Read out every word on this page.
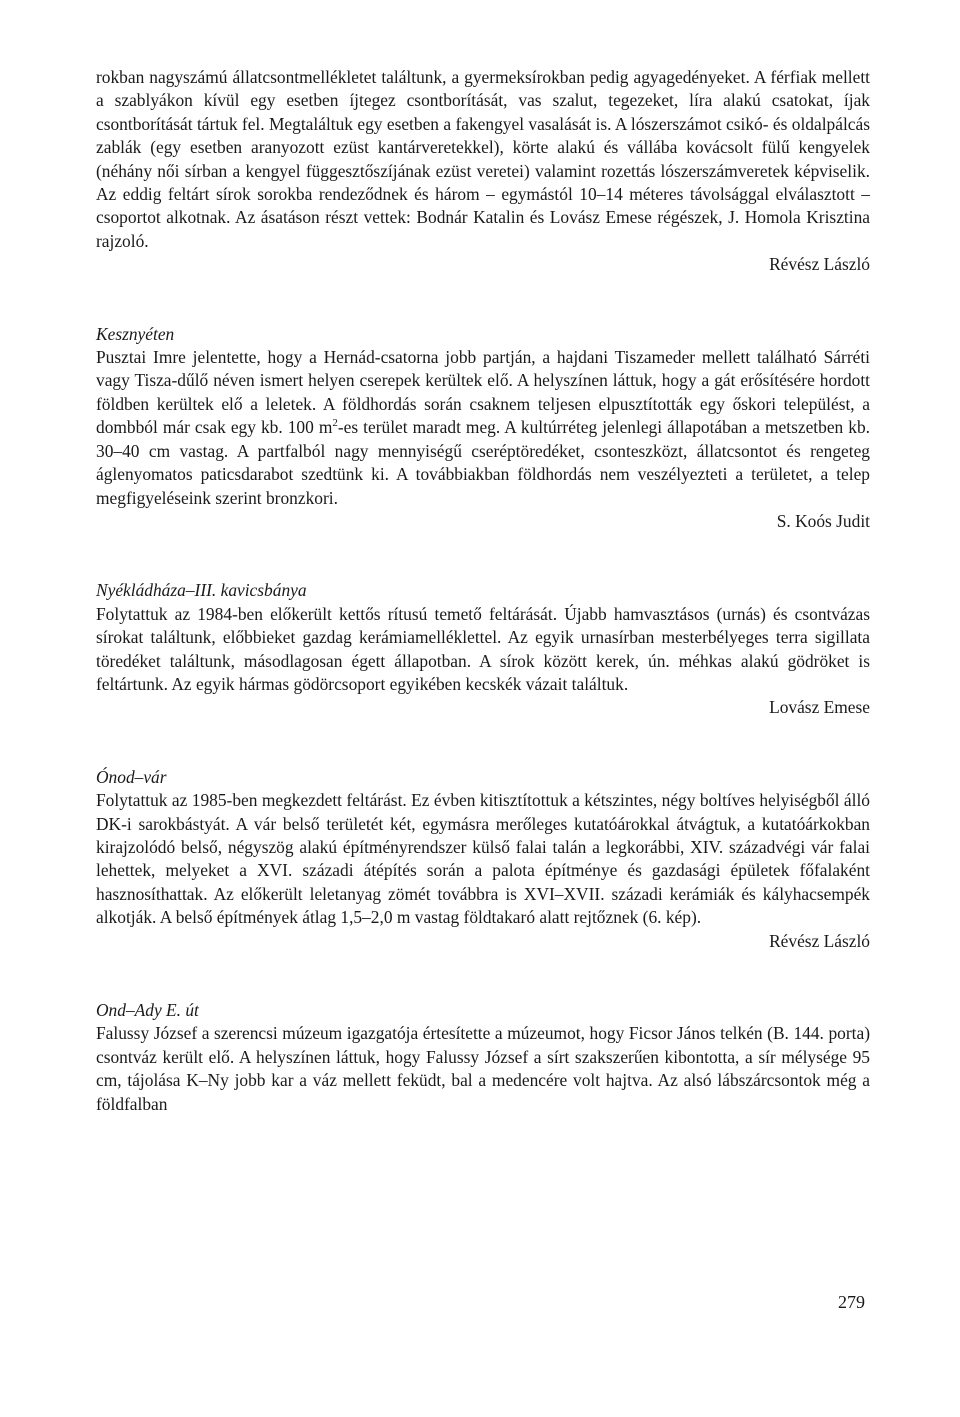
rokban nagyszámú állatcsontmellékletet találtunk, a gyermeksírokban pedig agyagedényeket. A férfiak mellett a szablyákon kívül egy esetben íjtegez csontborítását, vas szalut, tegezeket, líra alakú csatokat, íjak csontborítását tártuk fel. Megtaláltuk egy esetben a fakengyel vasalását is. A lószerszámot csikó- és oldalpálcás zablák (egy esetben aranyozott ezüst kantárveretekkel), körte alakú és vállába kovácsolt fülű kengyelek (néhány női sírban a kengyel függesztőszíjának ezüst veretei) valamint rozettás lószerszámveretek képviselik. Az eddig feltárt sírok sorokba rendeződnek és három – egymástól 10–14 méteres távolsággal elválasztott – csoportot alkotnak. Az ásatáson részt vettek: Bodnár Katalin és Lovász Emese régészek, J. Homola Krisztina rajzoló.

Révész László

Kesznyéten

Pusztai Imre jelentette, hogy a Hernád-csatorna jobb partján, a hajdani Tiszameder mellett található Sárréti vagy Tisza-dűlő néven ismert helyen cserepek kerültek elő. A helyszínen láttuk, hogy a gát erősítésére hordott földben kerültek elő a leletek. A földhordás során csaknem teljesen elpusztították egy őskori települést, a dombból már csak egy kb. 100 $m^2-es$ terület maradt meg. A kultúrréteg jelenlegi állapotában a metszetben kb. 30–40 cm vastag. A partfalból nagy mennyiségű cseréptöredéket, csonteszközt, állatcsontot és rengeteg áglenyomatos paticsdarabot szedtünk ki. A továbbiakban földhordás nem veszélyezteti a területet, a telep megfigyeléseink szerint bronzkori.

S. Koós Judit

Nyékládháza–III. kavicsbánya

Folytattuk az 1984-ben előkerült kettős rítusú temető feltárását. Újabb hamvasztásos (urnás) és csontvázas sírokat találtunk, előbbieket gazdag kerámiamelléklettel. Az egyik urnasírban mesterbélyeges terra sigillata töredéket találtunk, másodlagosan égett állapotban. A sírok között kerek, ún. méhkas alakú gödröket is feltártunk. Az egyik hármas gödörcsoport egyikében kecskék vázait találtuk.

Lovász Emese

Ónod–vár

Folytattuk az 1985-ben megkezdett feltárást. Ez évben kitisztítottuk a kétszintes, négy boltíves helyiségből álló DK-i sarokbástyát. A vár belső területét két, egymásra merőleges kutatóárokkal átvágtuk, a kutatóárkokban kirajzolódó belső, négyszög alakú építményrendszer külső falai talán a legkorábbi, XIV. századvégi vár falai lehettek, melyeket a XVI. századi átépítés során a palota építménye és gazdasági épületek főfalaként hasznosíthattak. Az előkerült leletanyag zömét továbbra is XVI–XVII. századi kerámiák és kályhacsempék alkotják. A belső építmények átlag 1,5–2,0 m vastag földtakaró alatt rejtőznek (6. kép).

Révész László

Ond–Ady E. út

Falussy József a szerencsi múzeum igazgatója értesítette a múzeumot, hogy Ficsor János telkén (B. 144. porta) csontváz került elő. A helyszínen láttuk, hogy Falussy József a sírt szakszerűen kibontotta, a sír mélysége 95 cm, tájolása K–Ny jobb kar a váz mellett feküdt, bal a medencére volt hajtva. Az alsó lábszárcsontok még a földfalban

279
